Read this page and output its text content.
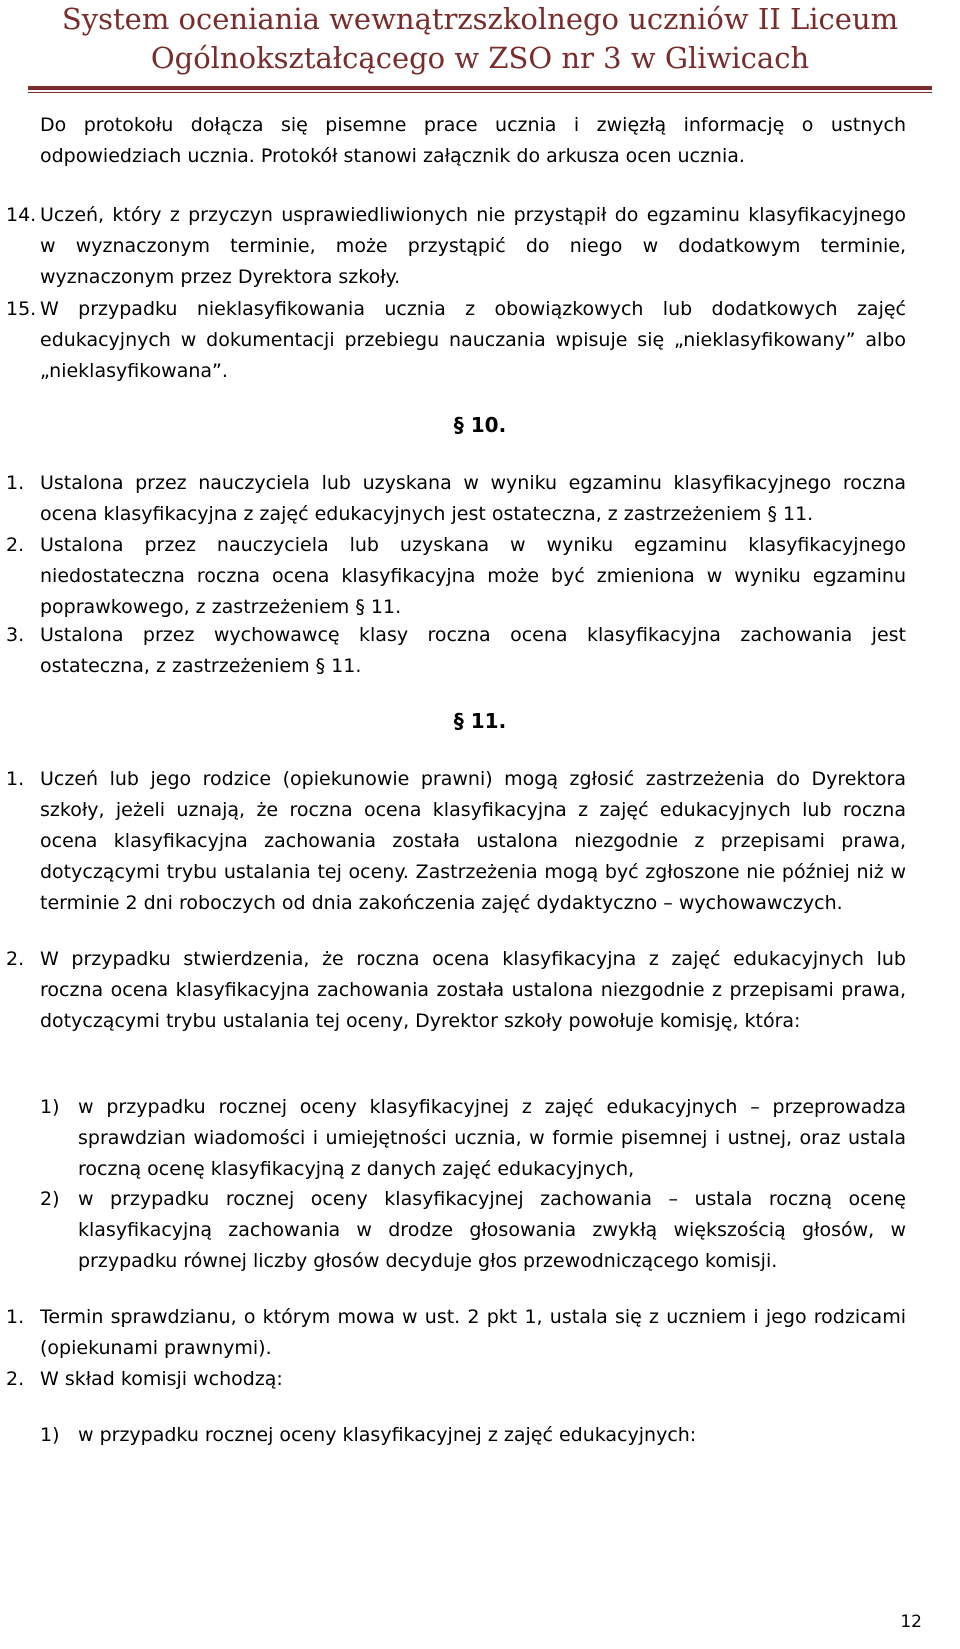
System oceniania wewnątrzszkolnego uczniów II Liceum
Ogólnokształcącego w ZSO nr 3 w Gliwicach
Do protokołu dołącza się pisemne prace ucznia i zwięzłą informację o ustnych odpowiedziach ucznia. Protokół stanowi załącznik do arkusza ocen ucznia.
14. Uczeń, który z przyczyn usprawiedliwionych nie przystąpił do egzaminu klasyfikacyjnego w wyznaczonym terminie, może przystąpić do niego w dodatkowym terminie, wyznaczonym przez Dyrektora szkoły.
15. W przypadku nieklasyfikowania ucznia z obowiązkowych lub dodatkowych zajęć edukacyjnych w dokumentacji przebiegu nauczania wpisuje się „nieklasyfikowany” albo „nieklasyfikowana”.
§ 10.
1. Ustalona przez nauczyciela lub uzyskana w wyniku egzaminu klasyfikacyjnego roczna ocena klasyfikacyjna z zajęć edukacyjnych jest ostateczna, z zastrzeżeniem § 11.
2. Ustalona przez nauczyciela lub uzyskana w wyniku egzaminu klasyfikacyjnego niedostateczna roczna ocena klasyfikacyjna może być zmieniona w wyniku egzaminu poprawkowego, z zastrzeżeniem § 11.
3. Ustalona przez wychowawcę klasy roczna ocena klasyfikacyjna zachowania jest ostateczna, z zastrzeżeniem § 11.
§ 11.
1. Uczeń lub jego rodzice (opiekunowie prawni) mogą zgłosić zastrzeżenia do Dyrektora szkoły, jeżeli uznają, że roczna ocena klasyfikacyjna z zajęć edukacyjnych lub roczna ocena klasyfikacyjna zachowania została ustalona niezgodnie z przepisami prawa, dotyczącymi trybu ustalania tej oceny. Zastrzeżenia mogą być zgłoszone nie później niż w terminie 2 dni roboczych od dnia zakończenia zajęć dydaktyczno – wychowawczych.
2. W przypadku stwierdzenia, że roczna ocena klasyfikacyjna z zajęć edukacyjnych lub roczna ocena klasyfikacyjna zachowania została ustalona niezgodnie z przepisami prawa, dotyczącymi trybu ustalania tej oceny, Dyrektor szkoły powołuje komisję, która:
1) w przypadku rocznej oceny klasyfikacyjnej z zajęć edukacyjnych – przeprowadza sprawdzian wiadomości i umiejętności ucznia, w formie pisemnej i ustnej, oraz ustala roczną ocenę klasyfikacyjną z danych zajęć edukacyjnych,
2) w przypadku rocznej oceny klasyfikacyjnej zachowania – ustala roczną ocenę klasyfikacyjną zachowania w drodze głosowania zwykłą większością głosów, w przypadku równej liczby głosów decyduje głos przewodniczącego komisji.
1. Termin sprawdzianu, o którym mowa w ust. 2 pkt 1, ustala się z uczniem i jego rodzicami (opiekunami prawnymi).
2. W skład komisji wchodzą:
1) w przypadku rocznej oceny klasyfikacyjnej z zajęć edukacyjnych:
12
